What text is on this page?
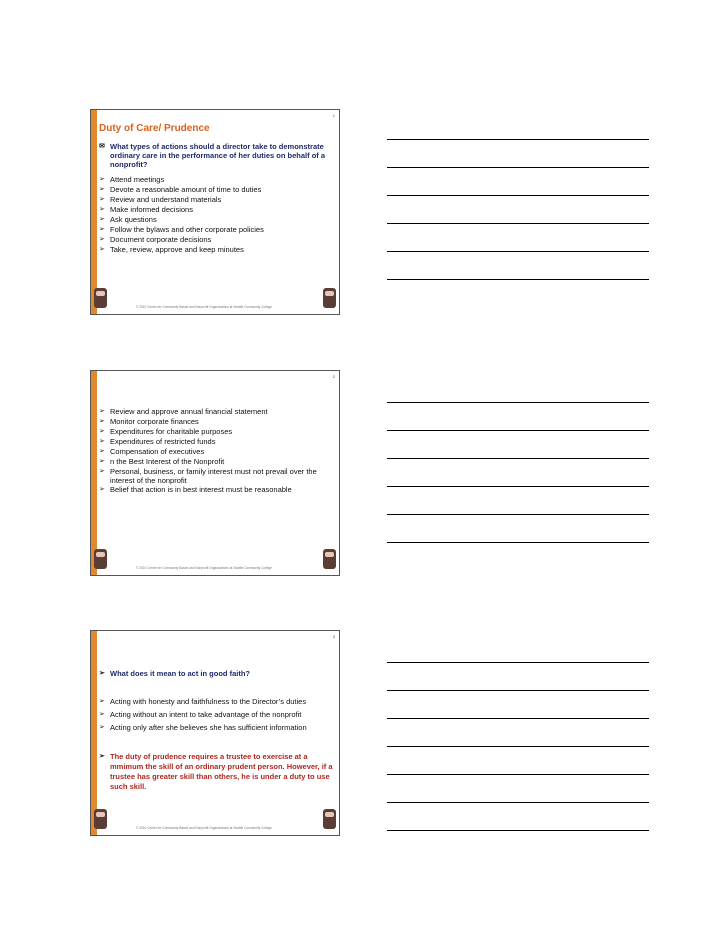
1
Duty of Care/ Prudence
✉ What types of actions should a director take to demonstrate ordinary care in the performance of her duties on behalf of a nonprofit?
➢ Attend meetings
➢ Devote a reasonable amount of time to duties
➢ Review and understand materials
➢ Make informed decisions
➢ Ask questions
➢ Follow the bylaws and other corporate policies
➢ Document corporate decisions
➢ Take, review, approve and keep minutes
© 2010 Center for Community Based and Nonprofit Organizations at Seattle Community College
2
➢ Review and approve annual financial statement
➢ Monitor corporate finances
➢ Expenditures for charitable purposes
➢ Expenditures of restricted funds
➢ Compensation of executives
➢ n the Best Interest of the Nonprofit
➢ Personal, business, or family interest must not prevail over the interest of the nonprofit
➢ Belief that action is in best interest must be reasonable
© 2010 Center for Community Based and Nonprofit Organizations at Seattle Community College
3
➢ What does it mean to act in good faith?
➢ Acting with honesty and faithfulness to the Director’s duties
➢ Acting without an intent to take advantage of the nonprofit
➢ Acting only after she believes she has sufficient information
➢ The duty of prudence requires a trustee to exercise at a mmimum the skill of an ordinary prudent person. However, if a trustee has greater skill than others, he is under a duty to use such skill.
© 2010 Center for Community Based and Nonprofit Organizations at Seattle Community College
